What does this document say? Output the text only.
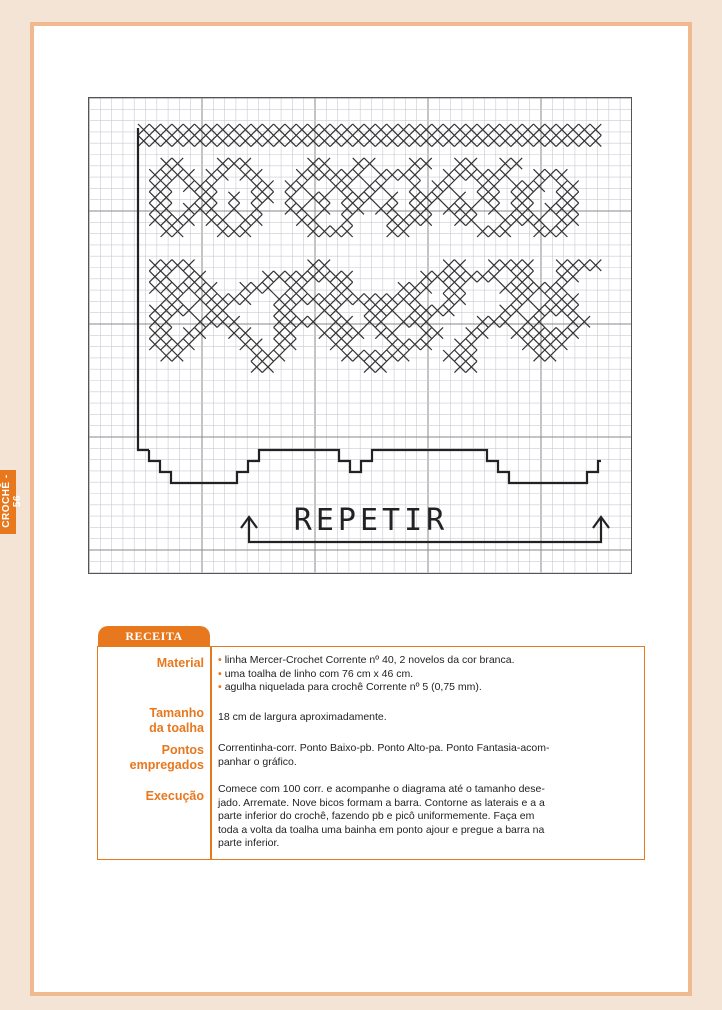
CROCHÊ - 56
REPETIR
RECEITA
Material • linha Mercer-Crochet Corrente nº 40, 2 novelos da cor branca.
• uma toalha de linho com 76 cm x 46 cm.
• agulha niquelada para crochê Corrente nº 5 (0,75 mm).
Tamanho
da toalha
18 cm de largura aproximadamente.
Pontos
empregados
Correntinha-corr. Ponto Baixo-pb. Ponto Alto-pa. Ponto Fantasia-acom-
panhar o gráfico.
Execução Comece com 100 corr. e acompanhe o diagrama até o tamanho dese-
jado. Arremate. Nove bicos formam a barra. Contorne as laterais e a a
parte inferior do crochê, fazendo pb e picô uniformemente. Faça em
toda a volta da toalha uma bainha em ponto ajour e pregue a barra na
parte inferior.
